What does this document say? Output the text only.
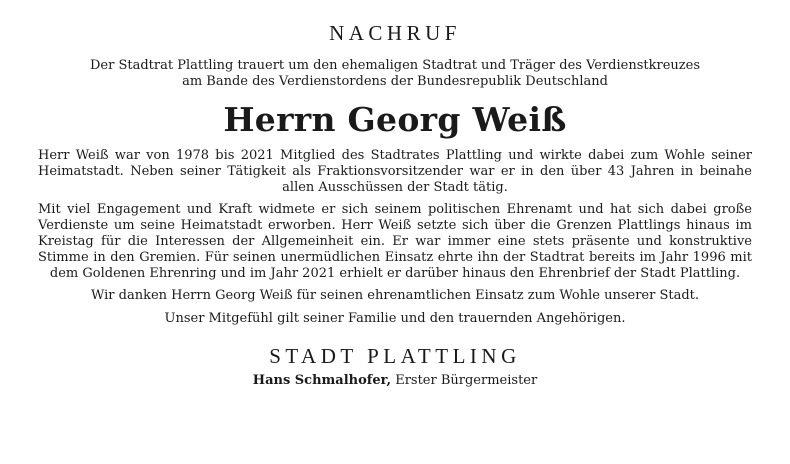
NACHRUF

Der Stadtrat Plattling trauert um den ehemaligen Stadtrat und Träger des Verdienstkreuzes
am Bande des Verdienstordens der Bundesrepublik Deutschland

Herrn Georg Weiß

Herr Weiß war von 1978 bis 2021 Mitglied des Stadtrates Plattling und wirkte dabei zum Wohle seiner Heimatstadt. Neben seiner Tätigkeit als Fraktionsvorsitzender war er in den über 43 Jahren in beinahe allen Ausschüssen der Stadt tätig.

Mit viel Engagement und Kraft widmete er sich seinem politischen Ehrenamt und hat sich dabei große Verdienste um seine Heimatstadt erworben. Herr Weiß setzte sich über die Grenzen Plattlings hinaus im Kreistag für die Interessen der Allgemeinheit ein. Er war immer eine stets präsente und konstruktive Stimme in den Gremien. Für seinen unermüdlichen Einsatz ehrte ihn der Stadtrat bereits im Jahr 1996 mit dem Goldenen Ehrenring und im Jahr 2021 erhielt er darüber hinaus den Ehrenbrief der Stadt Plattling.

Wir danken Herrn Georg Weiß für seinen ehrenamtlichen Einsatz zum Wohle unserer Stadt.

Unser Mitgefühl gilt seiner Familie und den trauernden Angehörigen.

STADT PLATTLING

Hans Schmalhofer, Erster Bürgermeister
